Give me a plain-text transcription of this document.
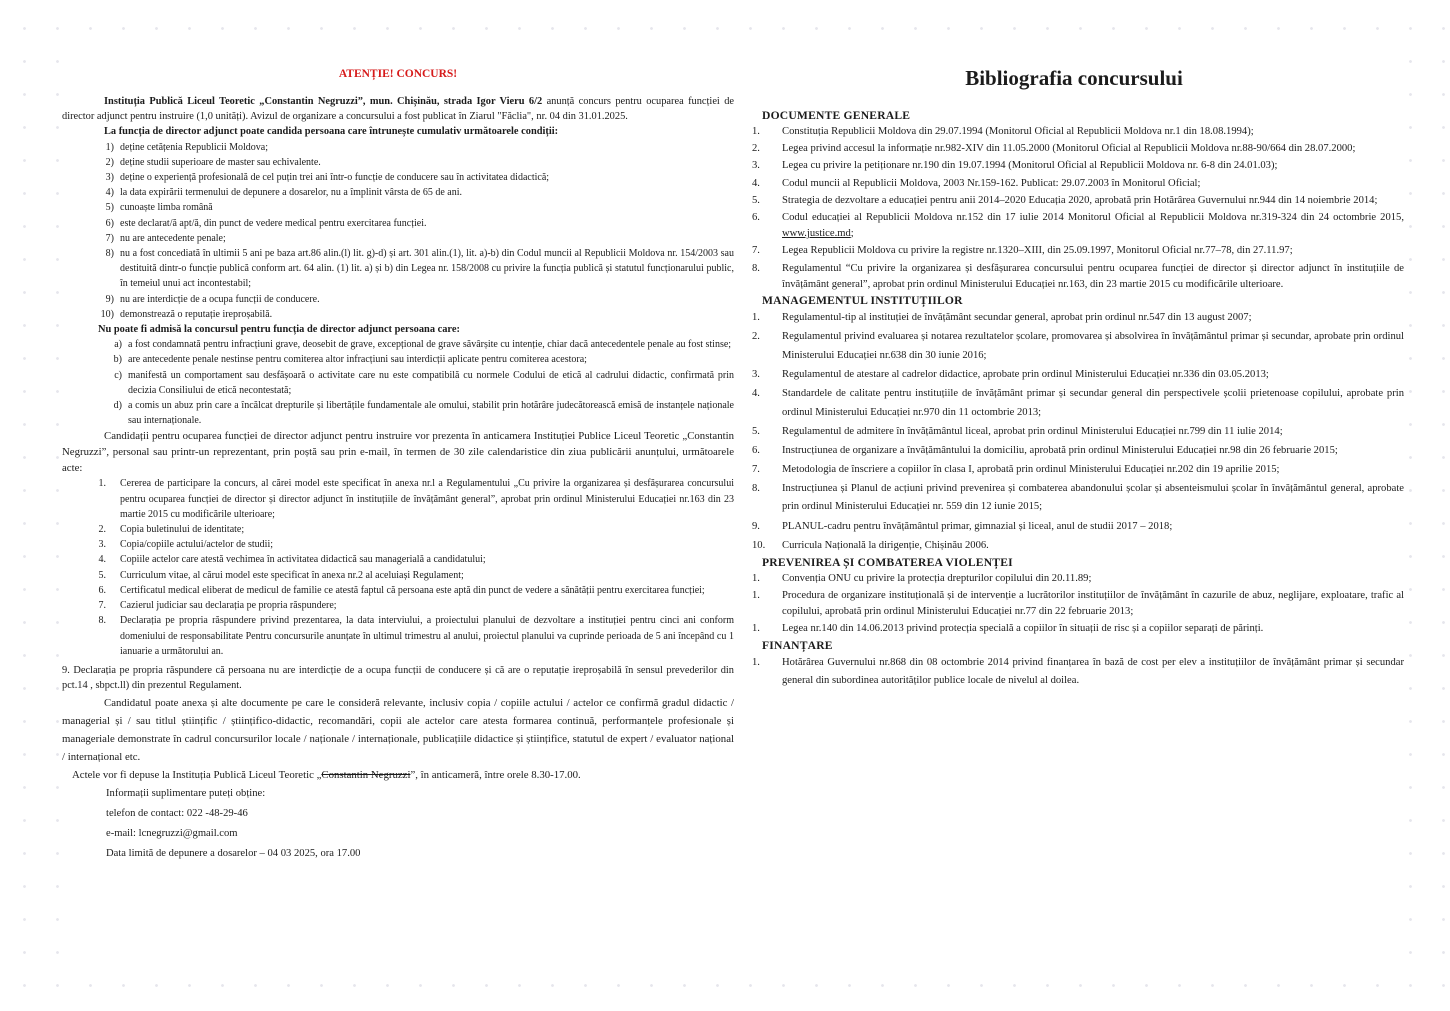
ATENȚIE! CONCURS!

Instituția Publică Liceul Teoretic „Constantin Negruzzi”, mun. Chișinău, strada Igor Vieru 6/2 anunță concurs pentru ocuparea funcției de director adjunct pentru instruire (1,0 unități). Avizul de organizare a concursului a fost publicat în Ziarul "Făclia", nr. 04 din 31.01.2025.

La funcția de director adjunct poate candida persoana care întrunește cumulativ următoarele condiții:

1) deține cetățenia Republicii Moldova;
2) deține studii superioare de master sau echivalente.
3) deține o experiență profesională de cel puțin trei ani într-o funcție de conducere sau în activitatea didactică;
4) la data expirării termenului de depunere a dosarelor, nu a împlinit vârsta de 65 de ani.
5) cunoaște limba română
6) este declarat/ă apt/ă, din punct de vedere medical pentru exercitarea funcției.
7) nu are antecedente penale;
8) nu a fost concediată în ultimii 5 ani pe baza art.86 alin.(l) lit. g)-d) și art. 301 alin.(1), lit. a)-b) din Codul muncii al Republicii Moldova nr. 154/2003 sau destituită dintr-o funcție publică conform art. 64 alin. (1) lit. a) și b) din Legea nr. 158/2008 cu privire la funcția publică și statutul funcționarului public, în temeiul unui act incontestabil;
9) nu are interdicție de a ocupa funcții de conducere.
10) demonstrează o reputație ireproșabilă.

Nu poate fi admisă la concursul pentru funcția de director adjunct persoana care:

a) a fost condamnată pentru infracțiuni grave, deosebit de grave, excepțional de grave săvârșite cu intenție, chiar dacă antecedentele penale au fost stinse;
b) are antecedente penale nestinse pentru comiterea altor infracțiuni sau interdicții aplicate pentru comiterea acestora;
c) manifestă un comportament sau desfășoară o activitate care nu este compatibilă cu normele Codului de etică al cadrului didactic, confirmată prin decizia Consiliului de etică necontestată;
d) a comis un abuz prin care a încălcat drepturile și libertățile fundamentale ale omului, stabilit prin hotărâre judecătorească emisă de instanțele naționale sau internaționale.

Candidații pentru ocuparea funcției de director adjunct pentru instruire vor prezenta în anticamera Instituției Publice Liceul Teoretic „Constantin Negruzzi”, personal sau printr-un reprezentant, prin poștă sau prin e-mail, în termen de 30 zile calendaristice din ziua publicării anunțului, următoarele acte:

1.	Cererea de participare la concurs, al cărei model este specificat în anexa nr.l a Regulamentului „Cu privire la organizarea și desfășurarea concursului pentru ocuparea funcției de director și director adjunct în instituțiile de învățământ general”, aprobat prin ordinul Ministerului Educației nr.163 din 23 martie 2015 cu modificările ulterioare;
2.	Copia buletinului de identitate;
3.	Copia/copiile actului/actelor de studii;
4.	Copiile actelor care atestă vechimea în activitatea didactică sau managerială a candidatului;
5.	Curriculum vitae, al cărui model este specificat în anexa nr.2 al aceluiași Regulament;
6.	Certificatul medical eliberat de medicul de familie ce atestă faptul că persoana este aptă din punct de vedere a sănătății pentru exercitarea funcției;
7.	Cazierul judiciar sau declarația pe propria răspundere;
8.	Declarația pe propria răspundere privind prezentarea, la data interviului, a proiectului planului de dezvoltare a instituției pentru cinci ani conform domeniului de responsabilitate Pentru concursurile anunțate în ultimul trimestru al anului, proiectul planului va cuprinde perioada de 5 ani începând cu 1 ianuarie a următorului an.

9. Declarația pe propria răspundere că persoana nu are interdicție de a ocupa funcții de conducere și că are o reputație ireproșabilă în sensul prevederilor din pct.14 , sbpct.ll) din prezentul Regulament.

Candidatul poate anexa și alte documente pe care le consideră relevante, inclusiv copia / copiile actului / actelor ce confirmă gradul didactic / managerial și / sau titlul științific / științifico-didactic, recomandări, copii ale actelor care atesta formarea continuă, performanțele profesionale și manageriale demonstrate în cadrul concursurilor locale / naționale / internaționale, publicațiile didactice și științifice, statutul de expert / evaluator național / internațional etc.

Actele vor fi depuse la Instituția Publică Liceul Teoretic „Constantin Negruzzi”, în anticameră, între orele 8.30-17.00.

Informații suplimentare puteți obține:
telefon de contact: 022 -48-29-46
e-mail: lcnegruzzi@gmail.com
Data limită de depunere a dosarelor – 04 03 2025, ora 17.00
Bibliografia concursului
DOCUMENTE GENERALE
1.	Constituția Republicii Moldova din 29.07.1994 (Monitorul Oficial al Republicii Moldova nr.1 din 18.08.1994);
2.	Legea privind accesul la informație nr.982-XIV din 11.05.2000 (Monitorul Oficial al Republicii Moldova nr.88-90/664 din 28.07.2000;
3.	Legea cu privire la petiționare nr.190 din 19.07.1994 (Monitorul Oficial al Republicii Moldova nr. 6-8 din 24.01.03);
4.	Codul muncii al Republicii Moldova, 2003 Nr.159-162. Publicat: 29.07.2003 în Monitorul Oficial;
5.	Strategia de dezvoltare a educației pentru anii 2014–2020 Educația 2020, aprobată prin Hotărârea Guvernului nr.944 din 14 noiembrie 2014;
6.	Codul educației al Republicii Moldova nr.152 din 17 iulie 2014 Monitorul Oficial al Republicii Moldova nr.319-324 din 24 octombrie 2015, www.justice.md;
7.	Legea Republicii Moldova cu privire la registre nr.1320–XIII, din 25.09.1997, Monitorul Oficial nr.77–78, din 27.11.97;
8.	Regulamentul “Cu privire la organizarea și desfășurarea concursului pentru ocuparea funcției de director și director adjunct în instituțiile de învățământ general”, aprobat prin ordinul Ministerului Educației nr.163, din 23 martie 2015 cu modificările ulterioare.
MANAGEMENTUL INSTITUȚIILOR
1.	Regulamentul-tip al instituției de învățământ secundar general, aprobat prin ordinul nr.547 din 13 august 2007;
2.	Regulamentul privind evaluarea și notarea rezultatelor școlare, promovarea și absolvirea în învățământul primar și secundar, aprobate prin ordinul Ministerului Educației nr.638 din 30 iunie 2016;
3.	Regulamentul de atestare al cadrelor didactice, aprobate prin ordinul Ministerului Educației nr.336 din 03.05.2013;
4.	Standardele de calitate pentru instituțiile de învățământ primar și secundar general din perspectivele școlii prietenoase copilului, aprobate prin ordinul Ministerului Educației nr.970 din 11 octombrie 2013;
5.	Regulamentul de admitere în învățământul liceal, aprobat prin ordinul Ministerului Educației nr.799 din 11 iulie 2014;
6.	Instrucțiunea de organizare a învățământului la domiciliu, aprobată prin ordinul Ministerului Educației nr.98 din 26 februarie 2015;
7.	Metodologia de înscriere a copiilor în clasa I, aprobată prin ordinul Ministerului Educației nr.202 din 19 aprilie 2015;
8.	Instrucțiunea și Planul de acțiuni privind prevenirea și combaterea abandonului școlar și absenteismului școlar în învățământul general, aprobate prin ordinul Ministerului Educației nr. 559 din 12 iunie 2015;
9.	PLANUL-cadru pentru învățământul primar, gimnazial și liceal, anul de studii 2017 – 2018;
10.	Curricula Națională la dirigenție, Chișinău 2006.
PREVENIREA ȘI COMBATEREA VIOLENȚEI
1.	Convenția ONU cu privire la protecția drepturilor copilului din 20.11.89;
1.	Procedura de organizare instituțională și de intervenție a lucrătorilor instituțiilor de învățământ în cazurile de abuz, neglijare, exploatare, trafic al copilului, aprobată prin ordinul Ministerului Educației nr.77 din 22 februarie 2013;
1.	Legea nr.140 din 14.06.2013 privind protecția specială a copiilor în situații de risc și a copiilor separați de părinți.
FINANȚARE
1.	Hotărârea Guvernului nr.868 din 08 octombrie 2014 privind finanțarea în bază de cost per elev a instituțiilor de învățământ primar și secundar general din subordinea autorităților publice locale de nivelul al doilea.
